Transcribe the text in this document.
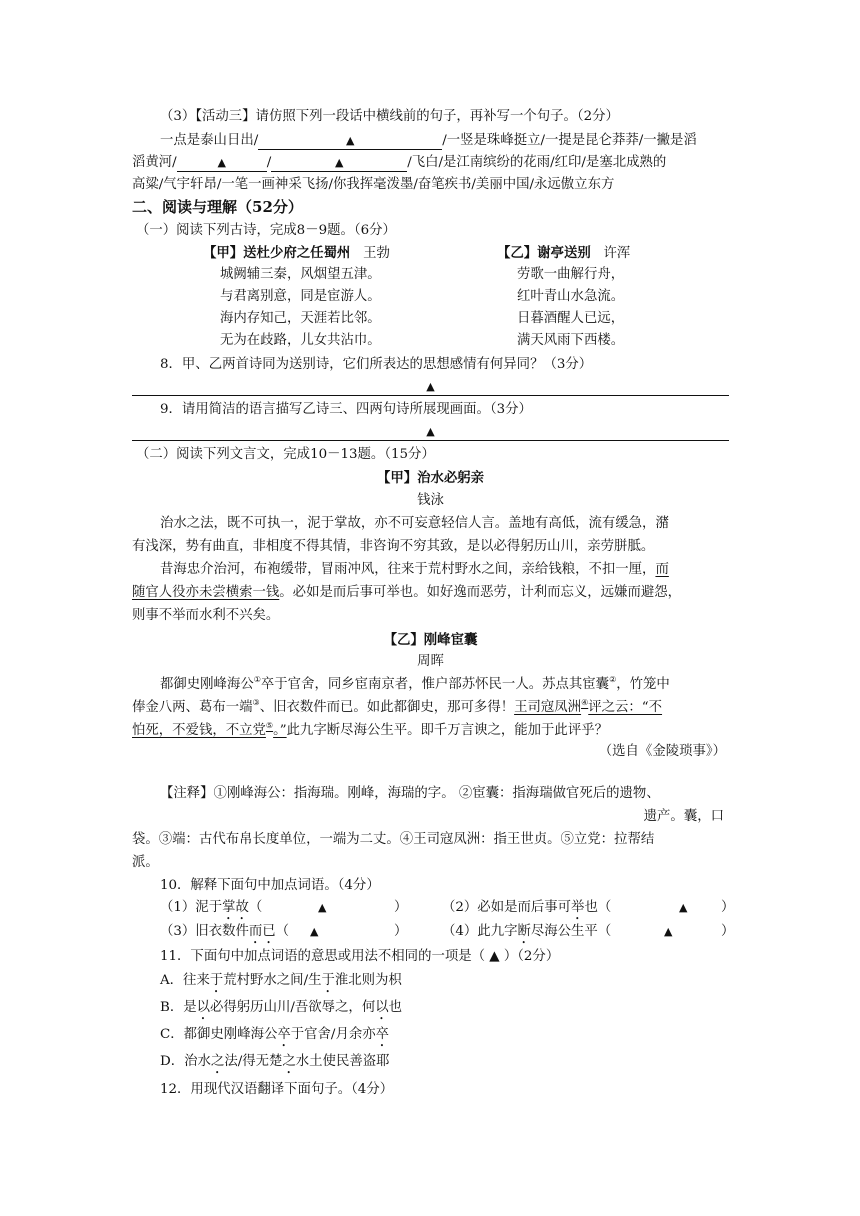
（3）【活动三】请仿照下列一段话中横线前的句子，再补写一个句子。（2分）
一点是泰山日出/	▲	/一竖是珠峰挺立/一提是昆仑莽莽/一撇是滔
滔黄河/	▲	/	▲	/飞白/是江南缤纷的花雨/红印/是塞北成熟的
高粱/气宇轩昂/一笔一画神采飞扬/你我挥毫泼墨/奋笔疾书/美丽中国/永远傲立东方
二、阅读与理解（52分）
（一）阅读下列古诗，完成8－9题。（6分）
【甲】送杜少府之任蜀州 王勃	【乙】谢亭送别 许浑
城阙辅三秦，风烟望五津。
与君离别意，同是宦游人。
海内存知己，天涯若比邻。
无为在歧路，儿女共沾巾。
劳歌一曲解行舟，
红叶青山水急流。
日暮酒醒人已远，
满天风雨下西楼。
8．甲、乙两首诗同为送别诗，它们所表达的思想感情有何异同？（3分）
▲
9．请用简洁的语言描写乙诗三、四两句诗所展现画面。（3分）
▲
（二）阅读下列文言文，完成10－13题。（15分）
【甲】治水必躬亲
钱泳
治水之法，既不可执一，泥于掌故，亦不可妄意轻信人言。盖地有高低，流有缓急，潴
有浅深，势有曲直，非相度不得其情，非咨询不穷其致，是以必得躬历山川，亲劳胼胝。
昔海忠介治河，布袍缓带，冒雨冲风，往来于荒村野水之间，亲给钱粮，不扣一厘，而
随官人役亦未尝横索一钱。必如是而后事可举也。如好逸而恶劳，计利而忘义，远嫌而避怨，
则事不举而水利不兴矣。
【乙】刚峰宦囊
周晖
都御史刚峰海公①卒于官舍，同乡宦南京者，惟户部苏怀民一人。苏点其宦囊②，竹笼中
俸金八两、葛布一端③、旧衣数件而已。如此都御史，那可多得！王司寇凤洲④评之云：“不
怕死，不爱钱，不立党⑤。”此九字断尽海公生平。即千万言谀之，能加于此评乎？
（选自《金陵琐事》）
【注释】①刚峰海公：指海瑞。刚峰，海瑞的字。 ②宦囊：指海瑞做官死后的遗物、
遗产。囊，口
袋。③端：古代布帛长度单位，一端为二丈。④王司寇凤洲：指王世贞。⑤立党：拉帮结
派。
10．解释下面句中加点词语。（4分）
（1）泥于掌故（	▲	）	（2）必如是而后事可举也（	▲	）
（3）旧衣数件而已（ ▲	）	（4）此九字断尽海公生平（	▲	）
11．下面句中加点词语的意思或用法不相同的一项是（ ▲ ）（2分）
A．往来于荒村野水之间/生于淮北则为枳
B．是以必得躬历山川/吾欲辱之，何以也
C．都御史刚峰海公卒于官舍/月余亦卒
D．治水之法/得无楚之水土使民善盗耶
12．用现代汉语翻译下面句子。（4分）
